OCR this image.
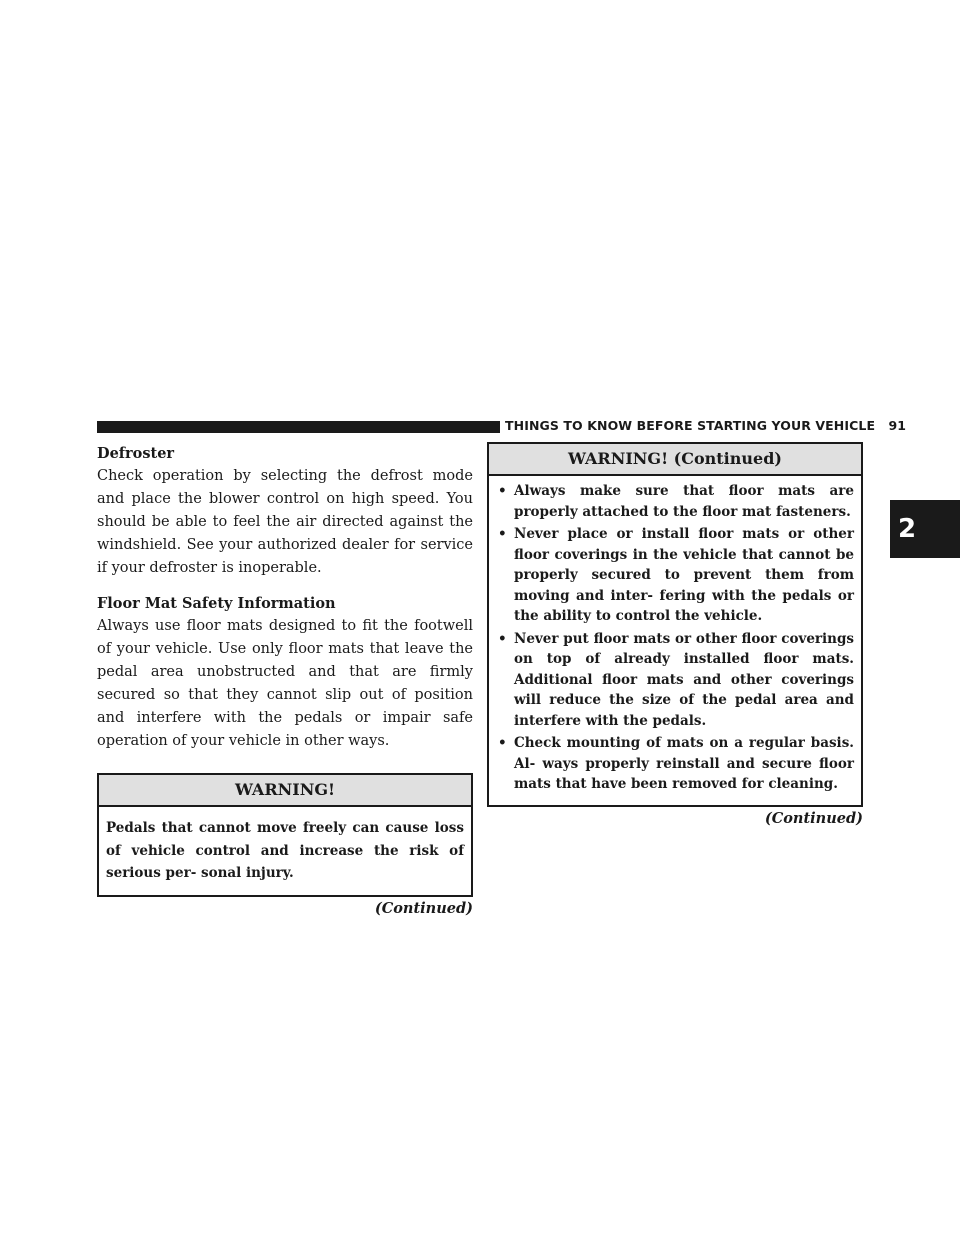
THINGS TO KNOW BEFORE STARTING YOUR VEHICLE 91
2

Defroster

Check operation by selecting the defrost mode and place the blower control on high speed. You should be able to feel the air directed against the windshield. See your authorized dealer for service if your defroster is inoperable.

Floor Mat Safety Information

Always use floor mats designed to fit the footwell of your vehicle. Use only floor mats that leave the pedal area unobstructed and that are firmly secured so that they cannot slip out of position and interfere with the pedals or impair safe operation of your vehicle in other ways.

WARNING!
Pedals that cannot move freely can cause loss of vehicle control and increase the risk of serious per- sonal injury.
(Continued)
WARNING! (Continued)
• Always make sure that floor mats are properly attached to the floor mat fasteners.
• Never place or install floor mats or other floor coverings in the vehicle that cannot be properly secured to prevent them from moving and inter- fering with the pedals or the ability to control the vehicle.
• Never put floor mats or other floor coverings on top of already installed floor mats. Additional floor mats and other coverings will reduce the size of the pedal area and interfere with the pedals.
• Check mounting of mats on a regular basis. Al- ways properly reinstall and secure floor mats that have been removed for cleaning.
(Continued)
